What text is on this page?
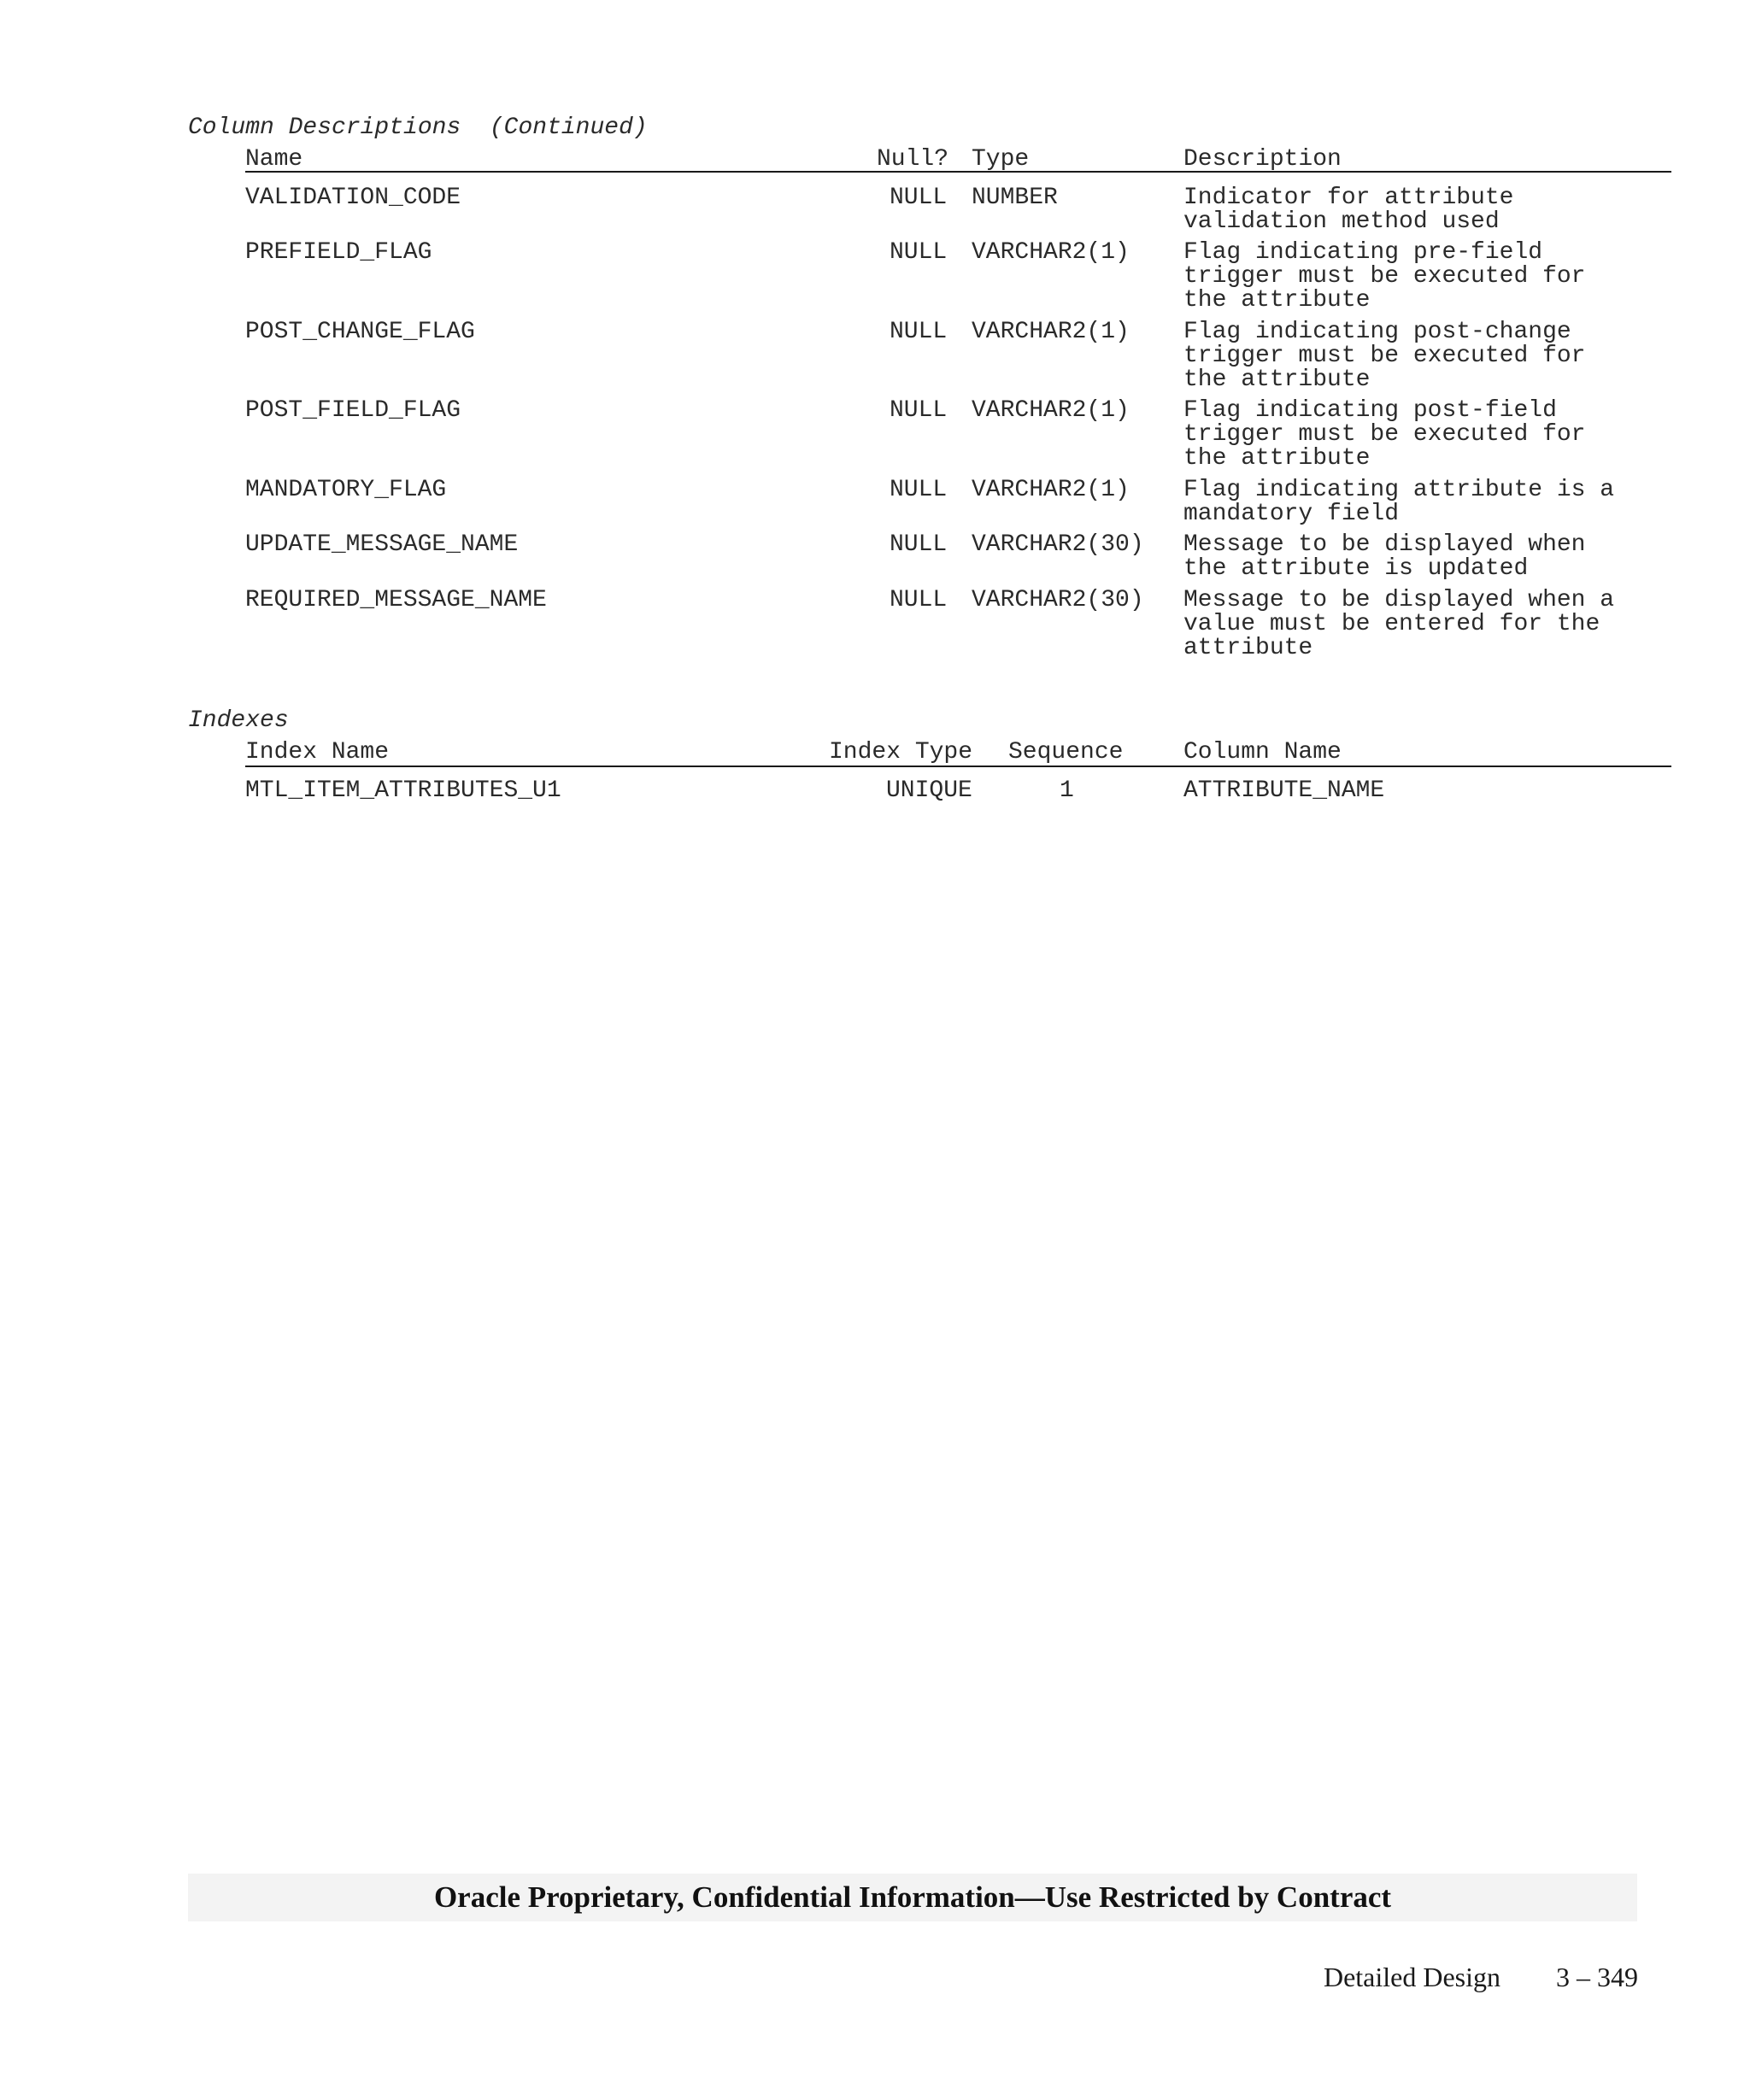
Column Descriptions  (Continued)
Name	Null? Type	Description
VALIDATION_CODE	NULL NUMBER	Indicator for attribute
validation method used
PREFIELD_FLAG	NULL VARCHAR2(1) Flag indicating pre-field
trigger must be executed for
the attribute
POST_CHANGE_FLAG	NULL VARCHAR2(1) Flag indicating post-change
trigger must be executed for
the attribute
POST_FIELD_FLAG	NULL VARCHAR2(1) Flag indicating post-field
trigger must be executed for
the attribute
MANDATORY_FLAG	NULL VARCHAR2(1) Flag indicating attribute is a
mandatory field
UPDATE_MESSAGE_NAME	NULL VARCHAR2(30) Message to be displayed when
the attribute is updated
REQUIRED_MESSAGE_NAME	NULL VARCHAR2(30) Message to be displayed when a
value must be entered for the
attribute
Indexes
Index Name	Index Type Sequence	Column Name
MTL_ITEM_ATTRIBUTES_U1	UNIQUE	1	ATTRIBUTE_NAME
Oracle Proprietary, Confidential Information––Use Restricted by Contract
Detailed Design 3 – 349
